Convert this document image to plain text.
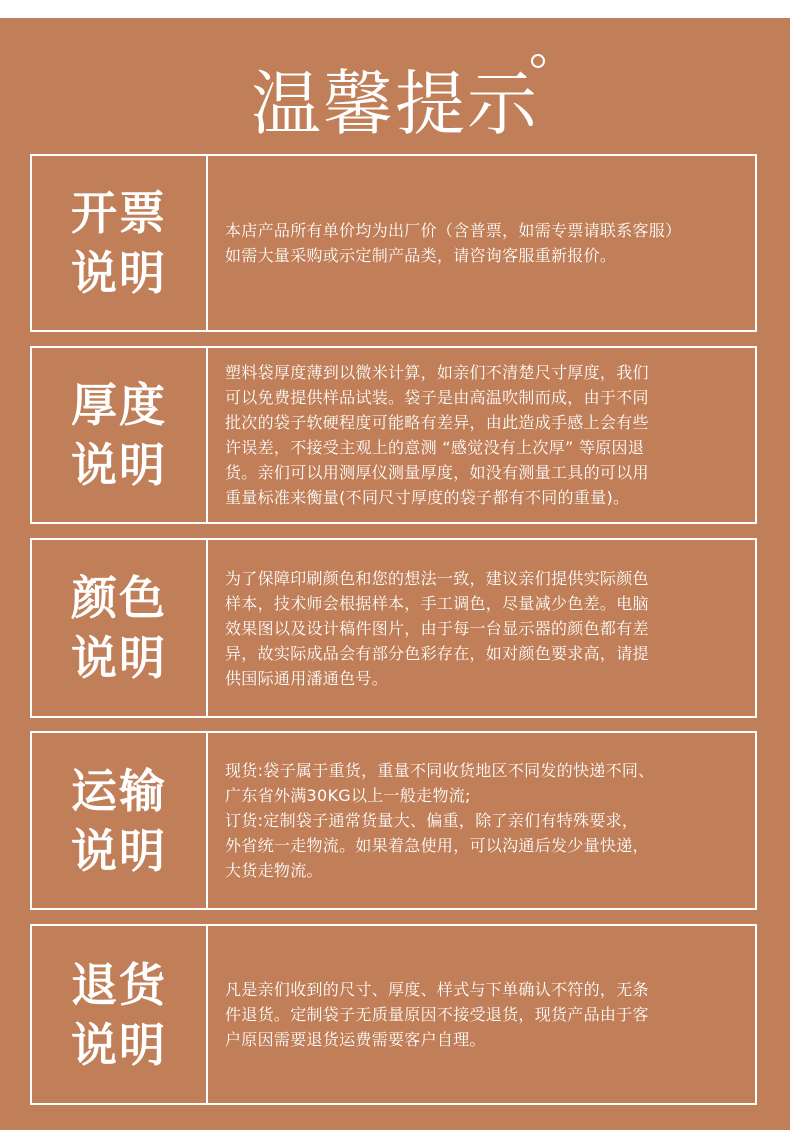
温馨提示
开票
说明

本店产品所有单价均为出厂价（含普票，如需专票请联系客服）
如需大量采购或示定制产品类，请咨询客服重新报价。

厚度
说明

塑料袋厚度薄到以微米计算，如亲们不清楚尺寸厚度，我们
可以免费提供样品试装。袋子是由高温吹制而成，由于不同
批次的袋子软硬程度可能略有差异，由此造成手感上会有些
许误差，不接受主观上的意测 “感觉没有上次厚” 等原因退
货。亲们可以用测厚仪测量厚度，如没有测量工具的可以用
重量标准来衡量(不同尺寸厚度的袋子都有不同的重量)。

颜色
说明

为了保障印刷颜色和您的想法一致，建议亲们提供实际颜色
样本，技术师会根据样本，手工调色，尽量减少色差。电脑
效果图以及设计稿件图片，由于每一台显示器的颜色都有差
异，故实际成品会有部分色彩存在，如对颜色要求高，请提
供国际通用潘通色号。

运输
说明

现货:袋子属于重货，重量不同收货地区不同发的快递不同、
广东省外满30KG以上一般走物流;
订货:定制袋子通常货量大、偏重，除了亲们有特殊要求，
外省统一走物流。如果着急使用，可以沟通后发少量快递，
大货走物流。

退货
说明

凡是亲们收到的尺寸、厚度、样式与下单确认不符的，无条
件退货。定制袋子无质量原因不接受退货，现货产品由于客
户原因需要退货运费需要客户自理。
